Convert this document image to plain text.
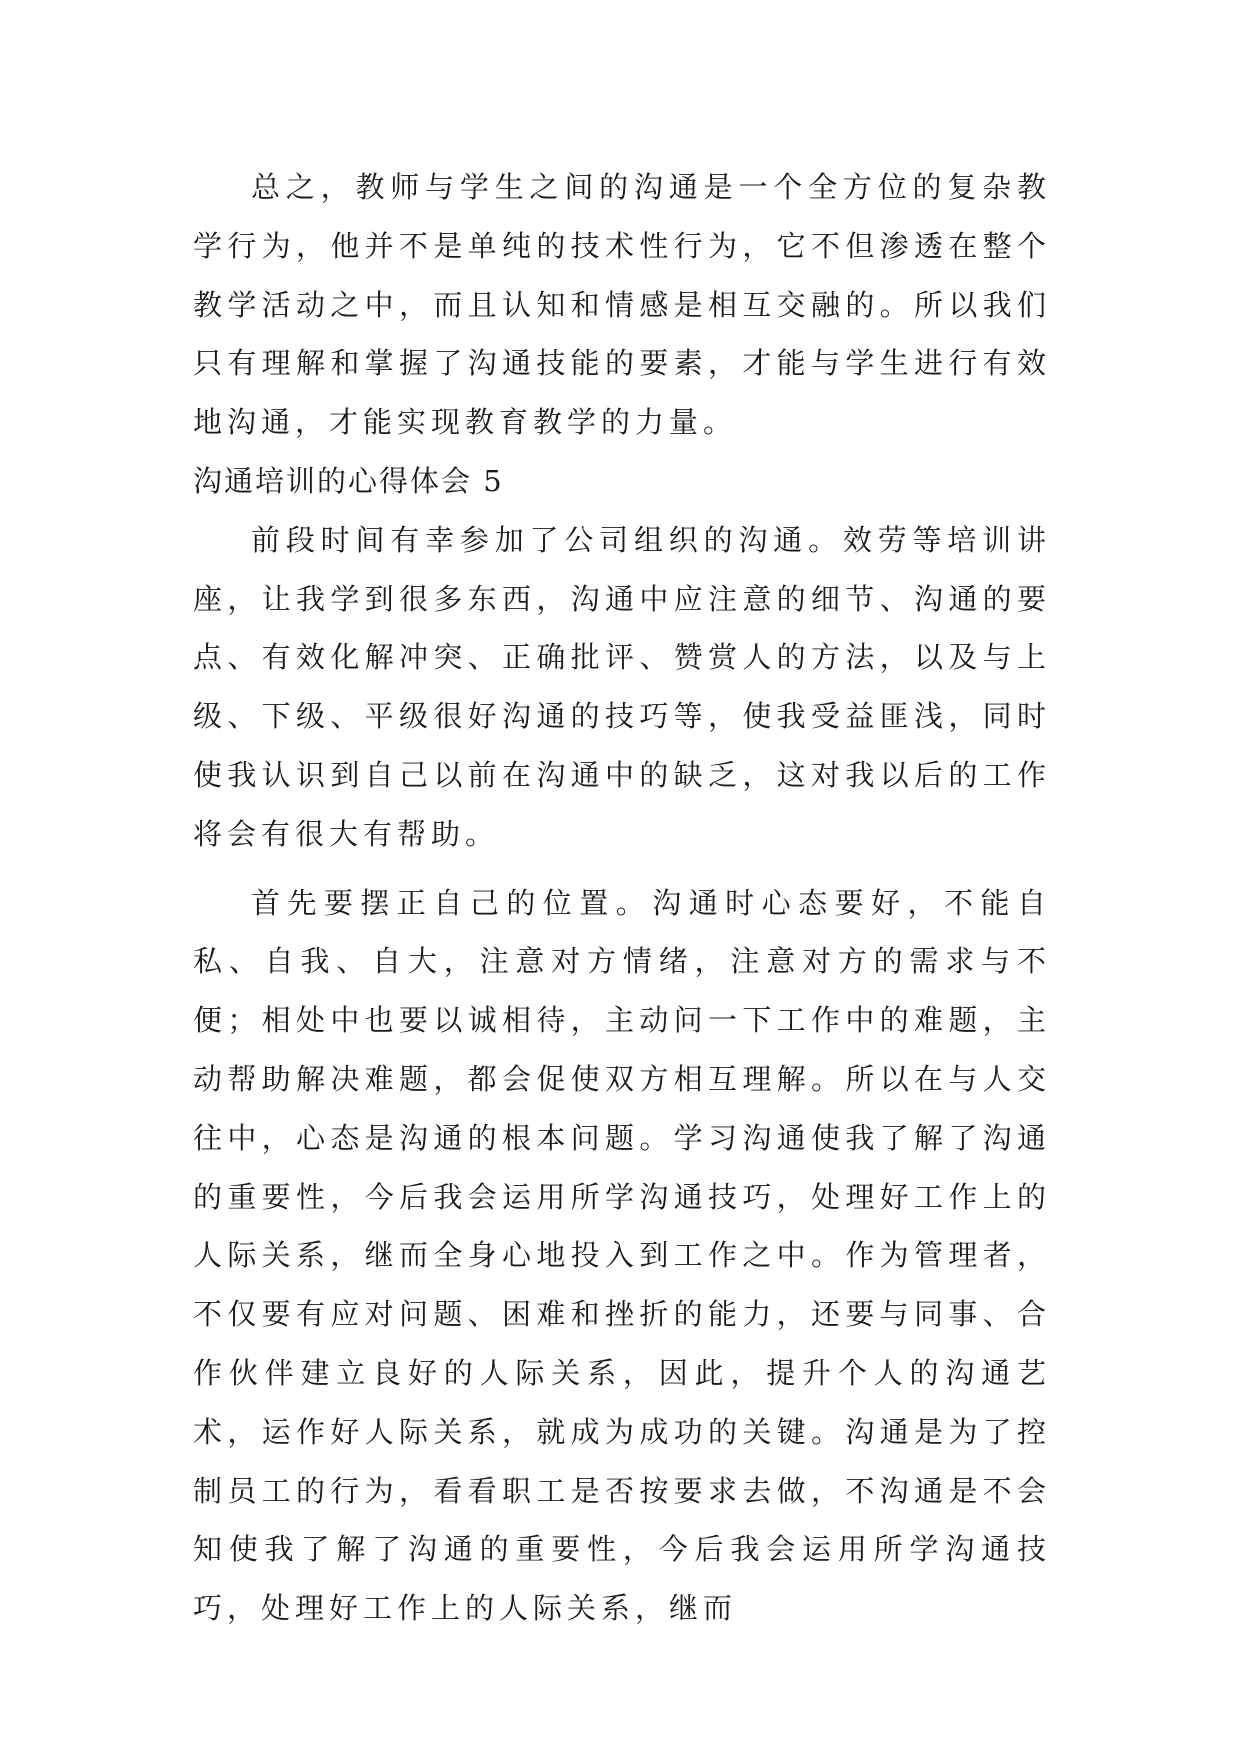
总之，教师与学生之间的沟通是一个全方位的复杂教学行为，他并不是单纯的技术性行为，它不但渗透在整个教学活动之中，而且认知和情感是相互交融的。所以我们只有理解和掌握了沟通技能的要素，才能与学生进行有效地沟通，才能实现教育教学的力量。

沟通培训的心得体会 5

前段时间有幸参加了公司组织的沟通。效劳等培训讲座，让我学到很多东西，沟通中应注意的细节、沟通的要点、有效化解冲突、正确批评、赞赏人的方法，以及与上级、下级、平级很好沟通的技巧等，使我受益匪浅，同时使我认识到自己以前在沟通中的缺乏，这对我以后的工作将会有很大有帮助。

首先要摆正自己的位置。沟通时心态要好，不能自私、自我、自大，注意对方情绪，注意对方的需求与不便；相处中也要以诚相待，主动问一下工作中的难题，主动帮助解决难题，都会促使双方相互理解。所以在与人交往中，心态是沟通的根本问题。学习沟通使我了解了沟通的重要性，今后我会运用所学沟通技巧，处理好工作上的人际关系，继而全身心地投入到工作之中。作为管理者，不仅要有应对问题、困难和挫折的能力，还要与同事、合作伙伴建立良好的人际关系，因此，提升个人的沟通艺术，运作好人际关系，就成为成功的关键。沟通是为了控制员工的行为，看看职工是否按要求去做，不沟通是不会知使我了解了沟通的重要性，今后我会运用所学沟通技巧，处理好工作上的人际关系，继而
